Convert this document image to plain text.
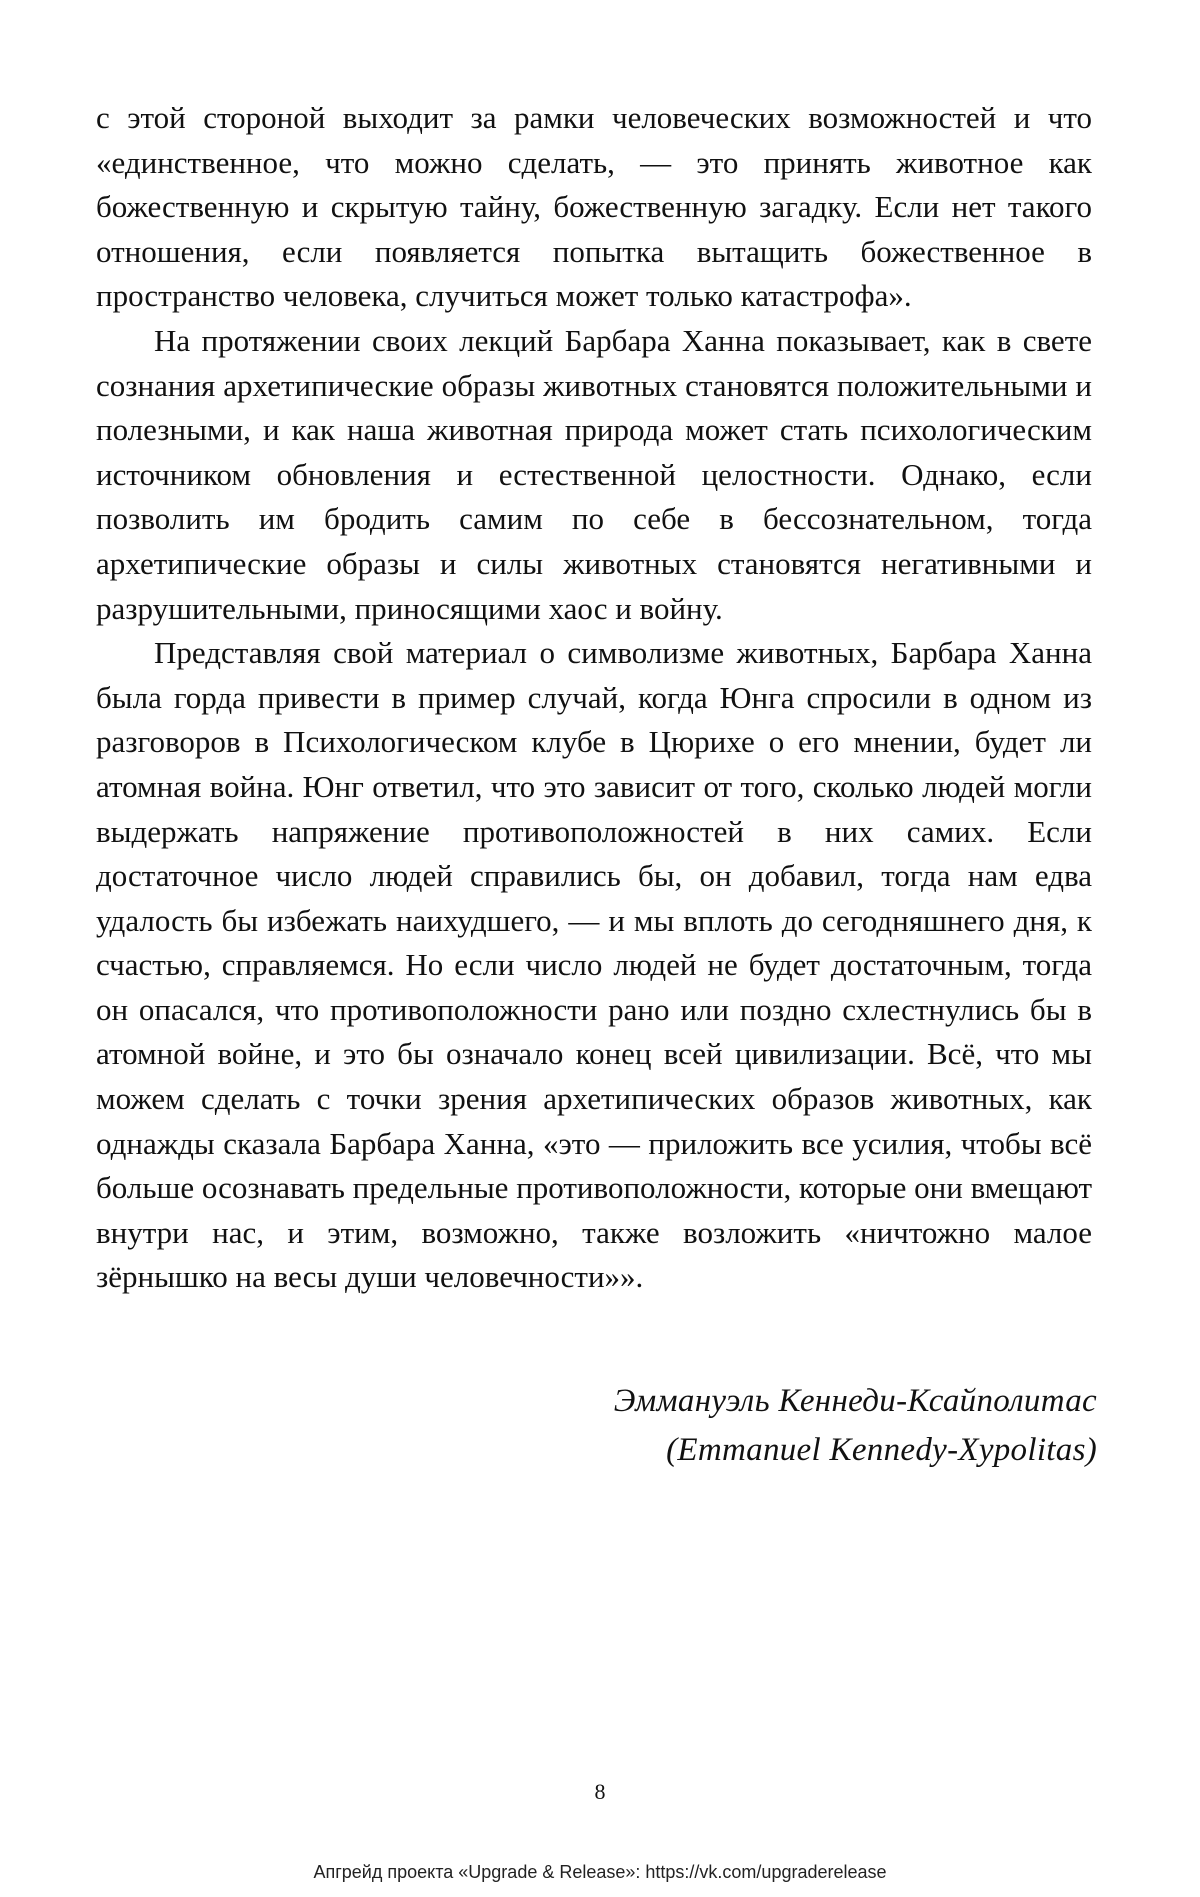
с этой стороной выходит за рамки человеческих возможностей и что «единственное, что можно сделать, — это принять животное как божественную и скрытую тайну, божественную загадку. Если нет такого отношения, если появляется попытка вытащить божественное в пространство человека, случиться может только катастрофа».

На протяжении своих лекций Барбара Ханна показывает, как в свете сознания архетипические образы животных становятся положительными и полезными, и как наша животная природа может стать психологическим источником обновления и естественной целостности. Однако, если позволить им бродить самим по себе в бессознательном, тогда архетипические образы и силы животных становятся негативными и разрушительными, приносящими хаос и войну.

Представляя свой материал о символизме животных, Барбара Ханна была горда привести в пример случай, когда Юнга спросили в одном из разговоров в Психологическом клубе в Цюрихе о его мнении, будет ли атомная война. Юнг ответил, что это зависит от того, сколько людей могли выдержать напряжение противоположностей в них самих. Если достаточное число людей справились бы, он добавил, тогда нам едва удалость бы избежать наихудшего, — и мы вплоть до сегодняшнего дня, к счастью, справляемся. Но если число людей не будет достаточным, тогда он опасался, что противоположности рано или поздно схлестнулись бы в атомной войне, и это бы означало конец всей цивилизации. Всё, что мы можем сделать с точки зрения архетипических образов животных, как однажды сказала Барбара Ханна, «это — приложить все усилия, чтобы всё больше осознавать предельные противоположности, которые они вмещают внутри нас, и этим, возможно, также возложить «ничтожно малое зёрнышко на весы души человечности»».

Эммануэль Кеннеди-Ксайполитас
(Emmanuel Kennedy-Xypolitas)
8
Апгрейд проекта «Upgrade & Release»: https://vk.com/upgraderelease
